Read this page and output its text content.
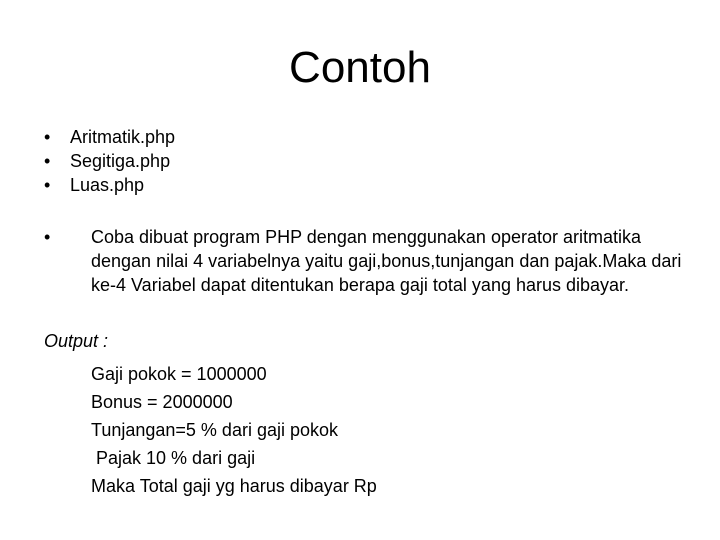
Contoh
•	Aritmatik.php
•	Segitiga.php
•	Luas.php
•	Coba dibuat program PHP dengan menggunakan operator aritmatika dengan nilai 4 variabelnya yaitu gaji,bonus,tunjangan dan pajak.Maka dari ke-4 Variabel dapat ditentukan berapa gaji total yang harus dibayar.
Output :
Gaji pokok = 1000000
Bonus = 2000000
Tunjangan=5 % dari gaji pokok
Pajak 10 % dari gaji
Maka Total gaji yg harus dibayar Rp
